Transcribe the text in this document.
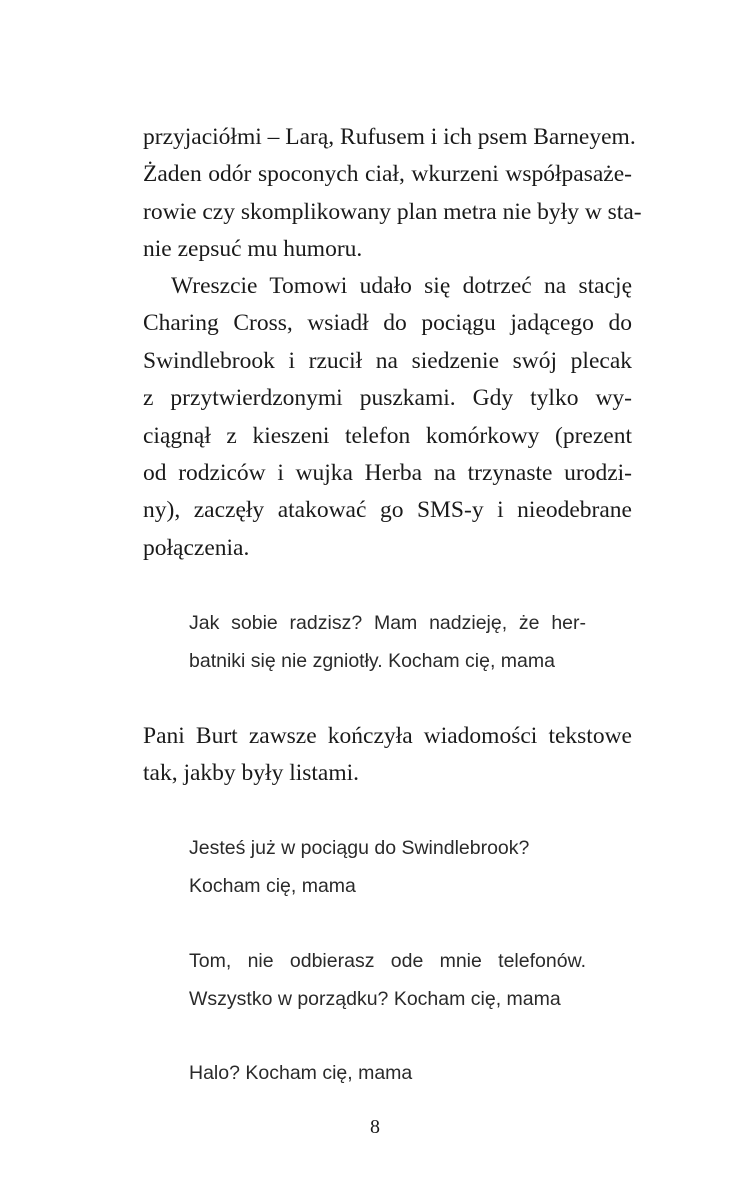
przyjaciółmi – Larą, Rufusem i ich psem Barneyem.
Żaden odór spoconych ciał, wkurzeni współpasaże-
rowie czy skomplikowany plan metra nie były w sta-
nie zepsuć mu humoru.

Wreszcie Tomowi udało się dotrzeć na stację
Charing Cross, wsiadł do pociągu jadącego do
Swindlebrook i rzucił na siedzenie swój plecak
z przytwierdzonymi puszkami. Gdy tylko wy-
ciągnął z kieszeni telefon komórkowy (prezent
od rodziców i wujka Herba na trzynaste urodzi-
ny), zaczęły atakować go SMS-y i nieodebrane
połączenia.

Jak sobie radzisz? Mam nadzieję, że her-
batniki się nie zgniotły. Kocham cię, mama

Pani Burt zawsze kończyła wiadomości tekstowe
tak, jakby były listami.

Jesteś już w pociągu do Swindlebrook?
Kocham cię, mama

Tom, nie odbierasz ode mnie telefonów.
Wszystko w porządku? Kocham cię, mama

Halo? Kocham cię, mama

8
